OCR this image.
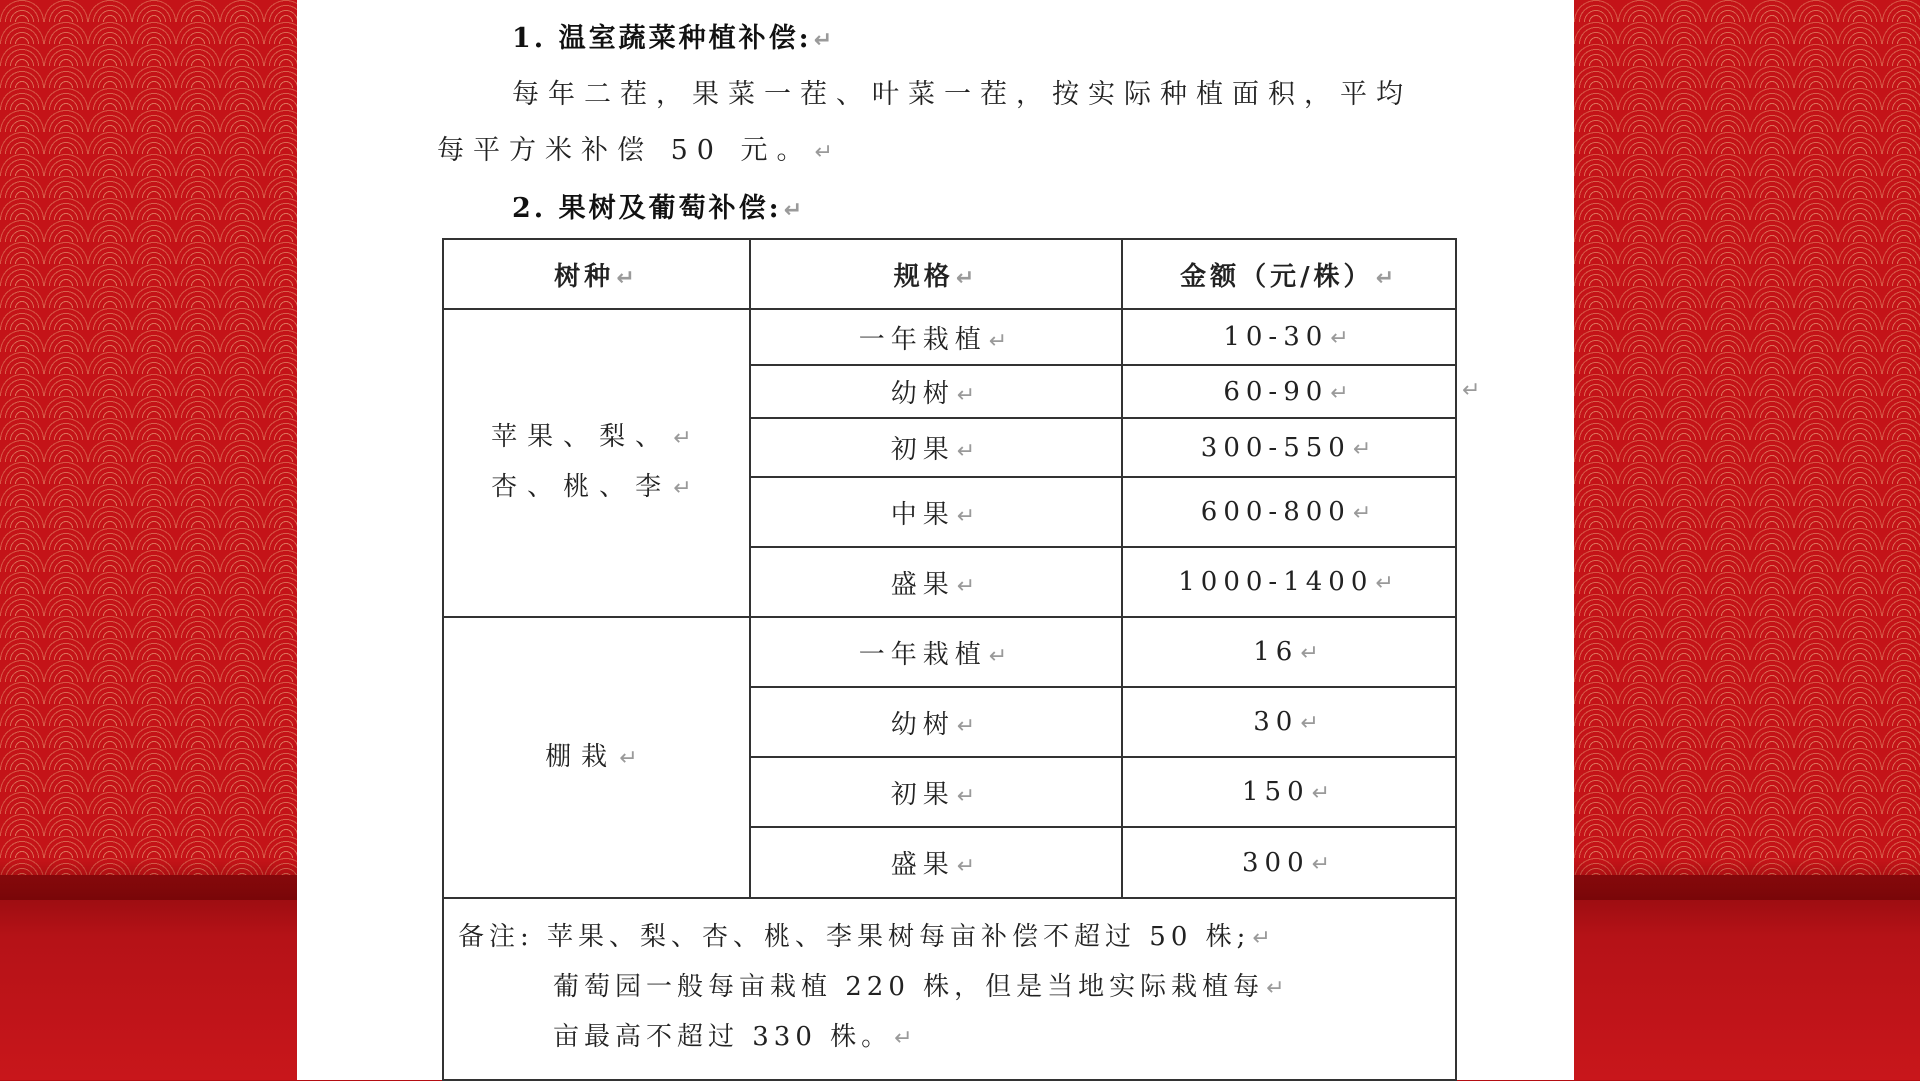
1. 温室蔬菜种植补偿:↵
每年二茬，果菜一茬、叶菜一茬，按实际种植面积，平均
每平方米补偿 50 元。↵
2. 果树及葡萄补偿:↵
树种↵	规格↵	金额（元/株）↵
苹果、梨、↵
杏、桃、李↵	一年栽植↵	10-30↵
	幼树↵	60-90↵
	初果↵	300-550↵
	中果↵	600-800↵
	盛果↵	1000-1400↵
棚栽↵	一年栽植↵	16↵
	幼树↵	30↵
	初果↵	150↵
	盛果↵	300↵
备注: 苹果、梨、杏、桃、李果树每亩补偿不超过 50 株;↵
葡萄园一般每亩栽植 220 株，但是当地实际栽植每↵
亩最高不超过 330 株。↵		
↵
